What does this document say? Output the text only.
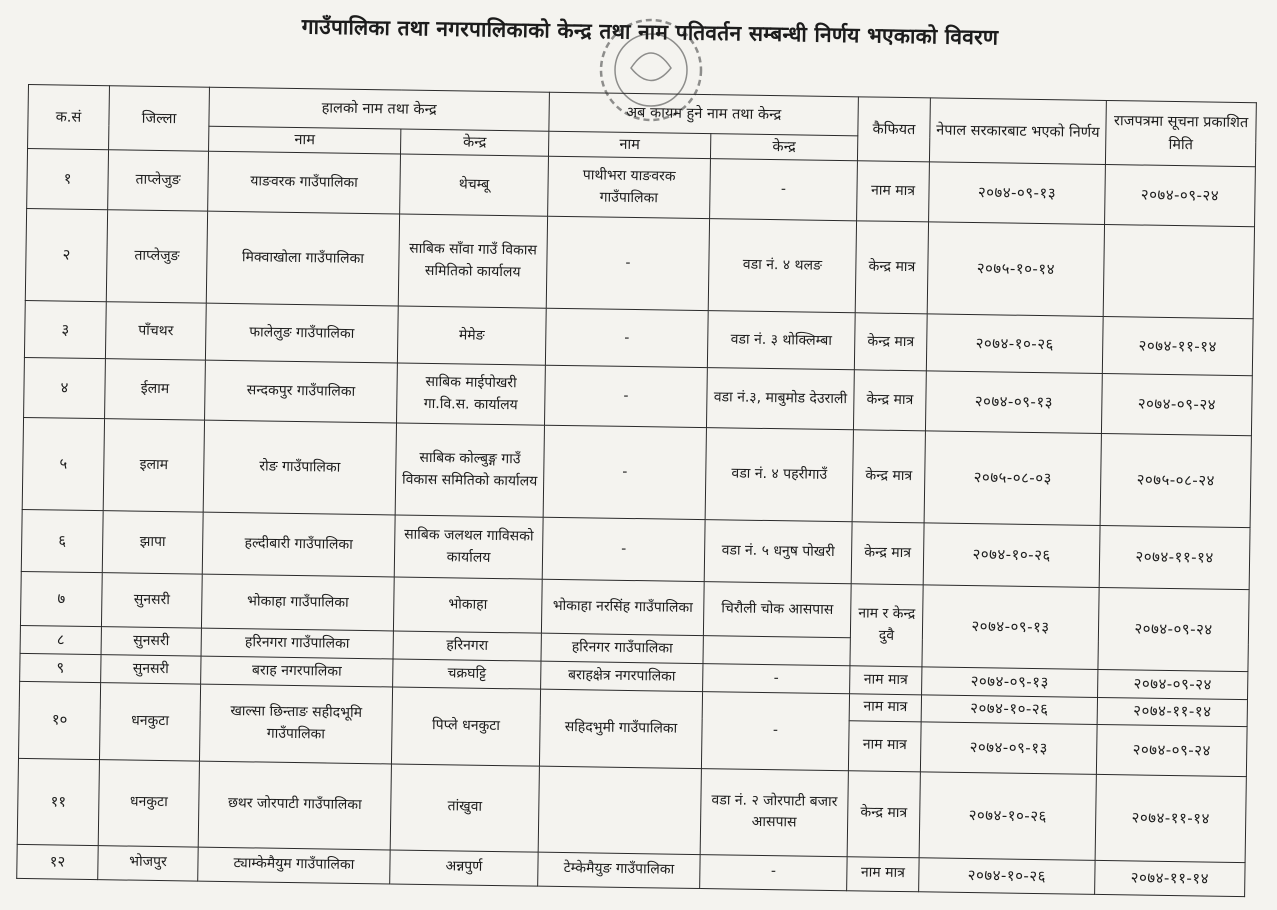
गाउँपालिका तथा नगरपालिकाको केन्द्र तथा नाम पतिवर्तन सम्बन्धी निर्णय भएकाको विवरण
क.सं	जिल्ला	हालको नाम तथा केन्द्र		अब कायम हुने नाम तथा केन्द्र		कैफियत	नेपाल सरकारबाट भएको निर्णय	राजपत्रमा सूचना प्रकाशित मिति
		नाम	केन्द्र	नाम	केन्द्र			
१	ताप्लेजुङ	याङवरक गाउँपालिका	थेचम्बू	पाथीभरा याङवरक गाउँपालिका	-	नाम मात्र	२०७४-०९-१३	२०७४-०९-२४
२	ताप्लेजुङ	मिक्वाखोला गाउँपालिका	साबिक साँवा गाउँ विकास समितिको कार्यालय	-	वडा नं. ४ थलङ	केन्द्र मात्र	२०७५-१०-१४	
३	पाँचथर	फालेलुङ गाउँपालिका	मेमेङ	-	वडा नं. ३ थोक्लिम्बा	केन्द्र मात्र	२०७४-१०-२६	२०७४-११-१४
४	ईलाम	सन्दकपुर गाउँपालिका	साबिक माईपोखरी गा.वि.स. कार्यालय	-	वडा नं.३, माबुमोड देउराली	केन्द्र मात्र	२०७४-०९-१३	२०७४-०९-२४
५	इलाम	रोङ गाउँपालिका	साबिक कोल्बुङ्ग गाउँ विकास समितिको कार्यालय	-	वडा नं. ४ पहरीगाउँ	केन्द्र मात्र	२०७५-०८-०३	२०७५-०८-२४
६	झापा	हल्दीबारी गाउँपालिका	साबिक जलथल गाविसको कार्यालय	-	वडा नं. ५ धनुष पोखरी	केन्द्र मात्र	२०७४-१०-२६	२०७४-११-१४
७	सुनसरी	भोकाहा गाउँपालिका	भोकाहा	भोकाहा नरसिंह गाउँपालिका	चिरौली चोक आसपास	नाम र केन्द्र दुवै	२०७४-०९-१३	२०७४-०९-२४
८	सुनसरी	हरिनगरा गाउँपालिका	हरिनगरा	हरिनगर गाउँपालिका				
९	सुनसरी	बराह नगरपालिका	चक्रघट्टि	बराहक्षेत्र नगरपालिका	-	नाम मात्र	२०७४-०९-१३	२०७४-०९-२४
१०	धनकुटा	खाल्सा छिन्ताङ सहीदभूमि गाउँपालिका	पिप्ले धनकुटा	सहिदभुमी गाउँपालिका	-	नाम मात्र	२०७४-१०-२६	२०७४-११-१४
						नाम मात्र	२०७४-०९-१३	२०७४-०९-२४
११	धनकुटा	छथर जोरपाटी गाउँपालिका	तांखुवा		वडा नं. २ जोरपाटी बजार आसपास	केन्द्र मात्र	२०७४-१०-२६	२०७४-११-१४
१२	भोजपुर	ट्याम्केमैयुम गाउँपालिका	अन्नपुर्ण	टेम्केमैयुङ गाउँपालिका	-	नाम मात्र	२०७४-१०-२६	२०७४-११-१४
